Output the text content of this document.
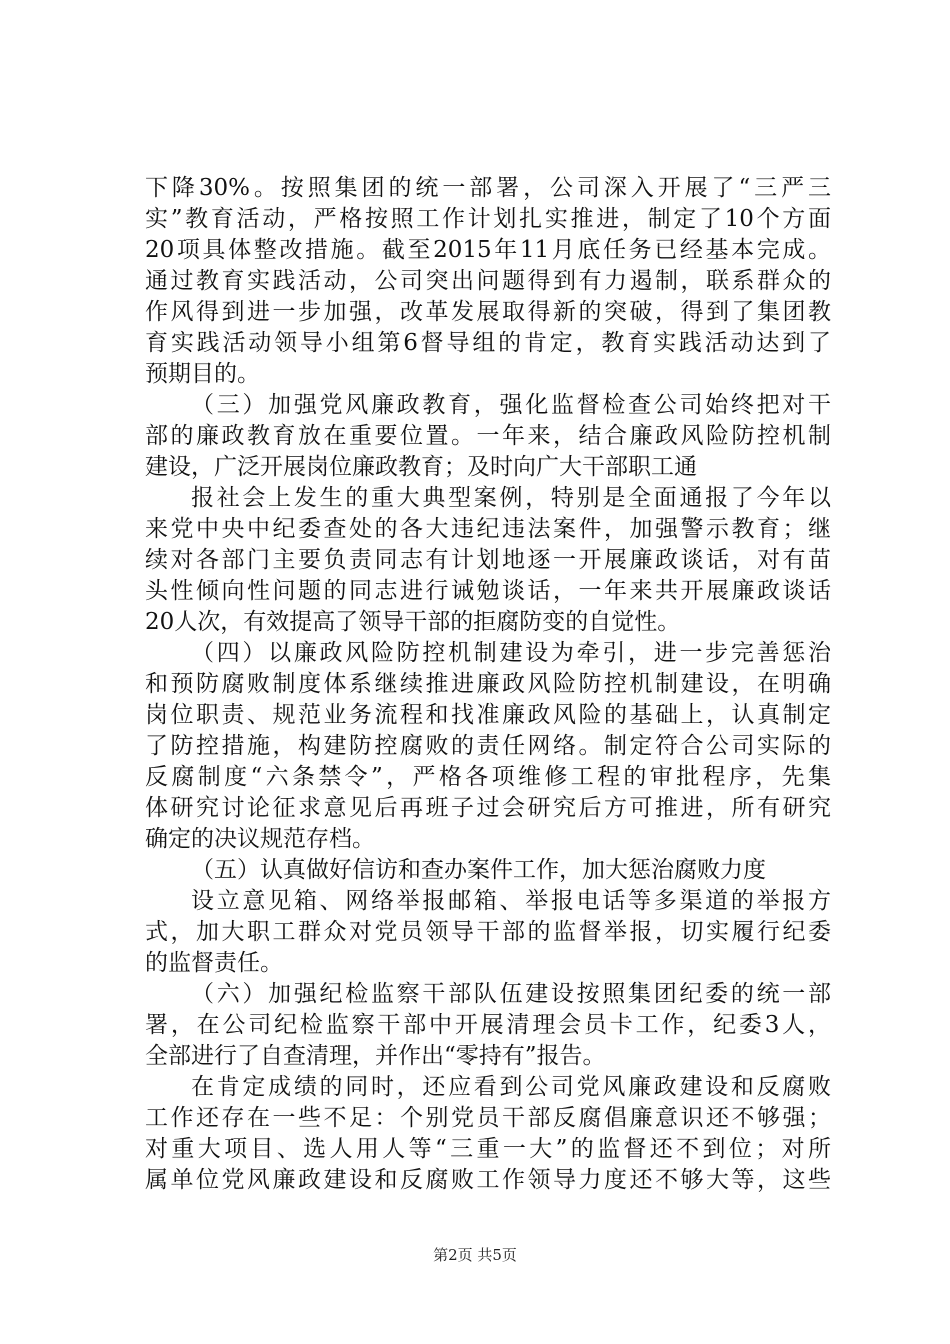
下降30%。按照集团的统一部署，公司深入开展了“三严三
实”教育活动，严格按照工作计划扎实推进，制定了10个方面
20项具体整改措施。截至2015年11月底任务已经基本完成。
通过教育实践活动，公司突出问题得到有力遏制，联系群众的
作风得到进一步加强，改革发展取得新的突破，得到了集团教
育实践活动领导小组第6督导组的肯定，教育实践活动达到了
预期目的。
（三）加强党风廉政教育，强化监督检查公司始终把对干
部的廉政教育放在重要位置。一年来，结合廉政风险防控机制
建设，广泛开展岗位廉政教育；及时向广大干部职工通
报社会上发生的重大典型案例，特别是全面通报了今年以
来党中央中纪委查处的各大违纪违法案件，加强警示教育；继
续对各部门主要负责同志有计划地逐一开展廉政谈话，对有苗
头性倾向性问题的同志进行诫勉谈话，一年来共开展廉政谈话
20人次，有效提高了领导干部的拒腐防变的自觉性。
（四）以廉政风险防控机制建设为牵引，进一步完善惩治
和预防腐败制度体系继续推进廉政风险防控机制建设，在明确
岗位职责、规范业务流程和找准廉政风险的基础上，认真制定
了防控措施，构建防控腐败的责任网络。制定符合公司实际的
反腐制度“六条禁令”，严格各项维修工程的审批程序，先集
体研究讨论征求意见后再班子过会研究后方可推进，所有研究
确定的决议规范存档。
（五）认真做好信访和查办案件工作，加大惩治腐败力度
设立意见箱、网络举报邮箱、举报电话等多渠道的举报方
式，加大职工群众对党员领导干部的监督举报，切实履行纪委
的监督责任。
（六）加强纪检监察干部队伍建设按照集团纪委的统一部
署，在公司纪检监察干部中开展清理会员卡工作，纪委3人，
全部进行了自查清理，并作出“零持有”报告。
在肯定成绩的同时，还应看到公司党风廉政建设和反腐败
工作还存在一些不足：个别党员干部反腐倡廉意识还不够强；
对重大项目、选人用人等“三重一大”的监督还不到位；对所
属单位党风廉政建设和反腐败工作领导力度还不够大等，这些
第2页 共5页
